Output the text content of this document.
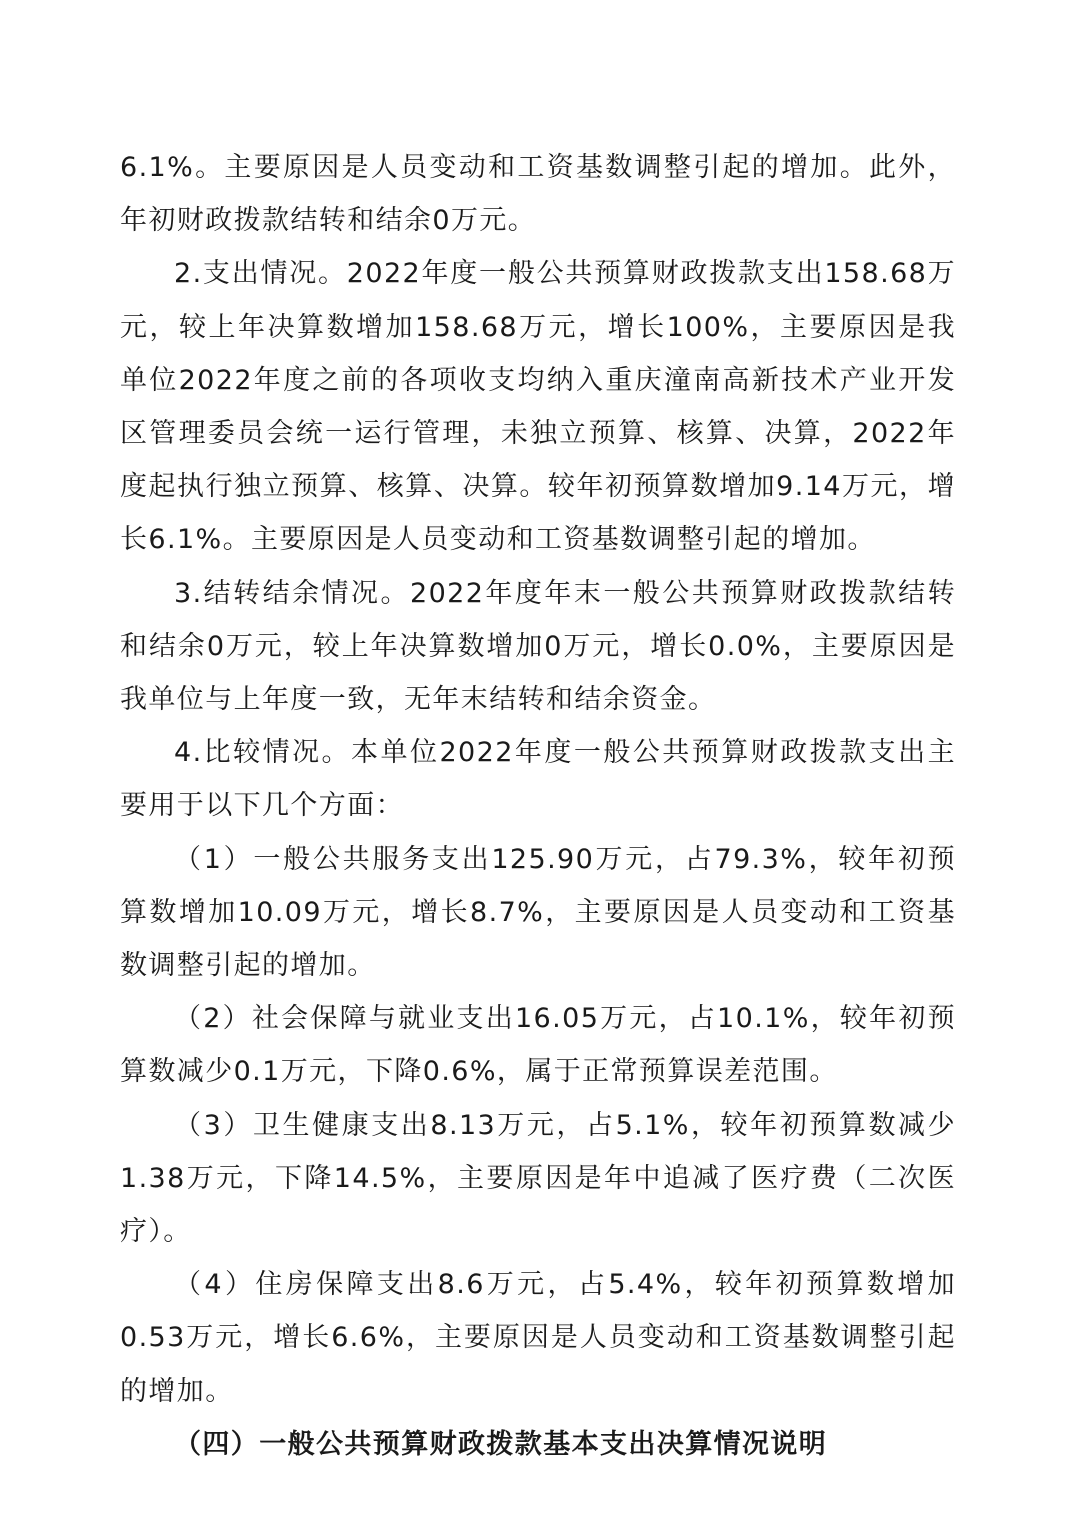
6.1%。主要原因是人员变动和工资基数调整引起的增加。此外，年初财政拨款结转和结余0万元。

2.支出情况。2022年度一般公共预算财政拨款支出158.68万元，较上年决算数增加158.68万元，增长100%，主要原因是我单位2022年度之前的各项收支均纳入重庆潼南高新技术产业开发区管理委员会统一运行管理，未独立预算、核算、决算，2022年度起执行独立预算、核算、决算。较年初预算数增加9.14万元，增长6.1%。主要原因是人员变动和工资基数调整引起的增加。

3.结转结余情况。2022年度年末一般公共预算财政拨款结转和结余0万元，较上年决算数增加0万元，增长0.0%，主要原因是我单位与上年度一致，无年末结转和结余资金。

4.比较情况。本单位2022年度一般公共预算财政拨款支出主要用于以下几个方面：

（1）一般公共服务支出125.90万元，占79.3%，较年初预算数增加10.09万元，增长8.7%，主要原因是人员变动和工资基数调整引起的增加。

（2）社会保障与就业支出16.05万元，占10.1%，较年初预算数减少0.1万元，下降0.6%，属于正常预算误差范围。

（3）卫生健康支出8.13万元，占5.1%，较年初预算数减少1.38万元，下降14.5%，主要原因是年中追减了医疗费（二次医疗）。

（4）住房保障支出8.6万元，占5.4%，较年初预算数增加0.53万元，增长6.6%，主要原因是人员变动和工资基数调整引起的增加。

（四）一般公共预算财政拨款基本支出决算情况说明
